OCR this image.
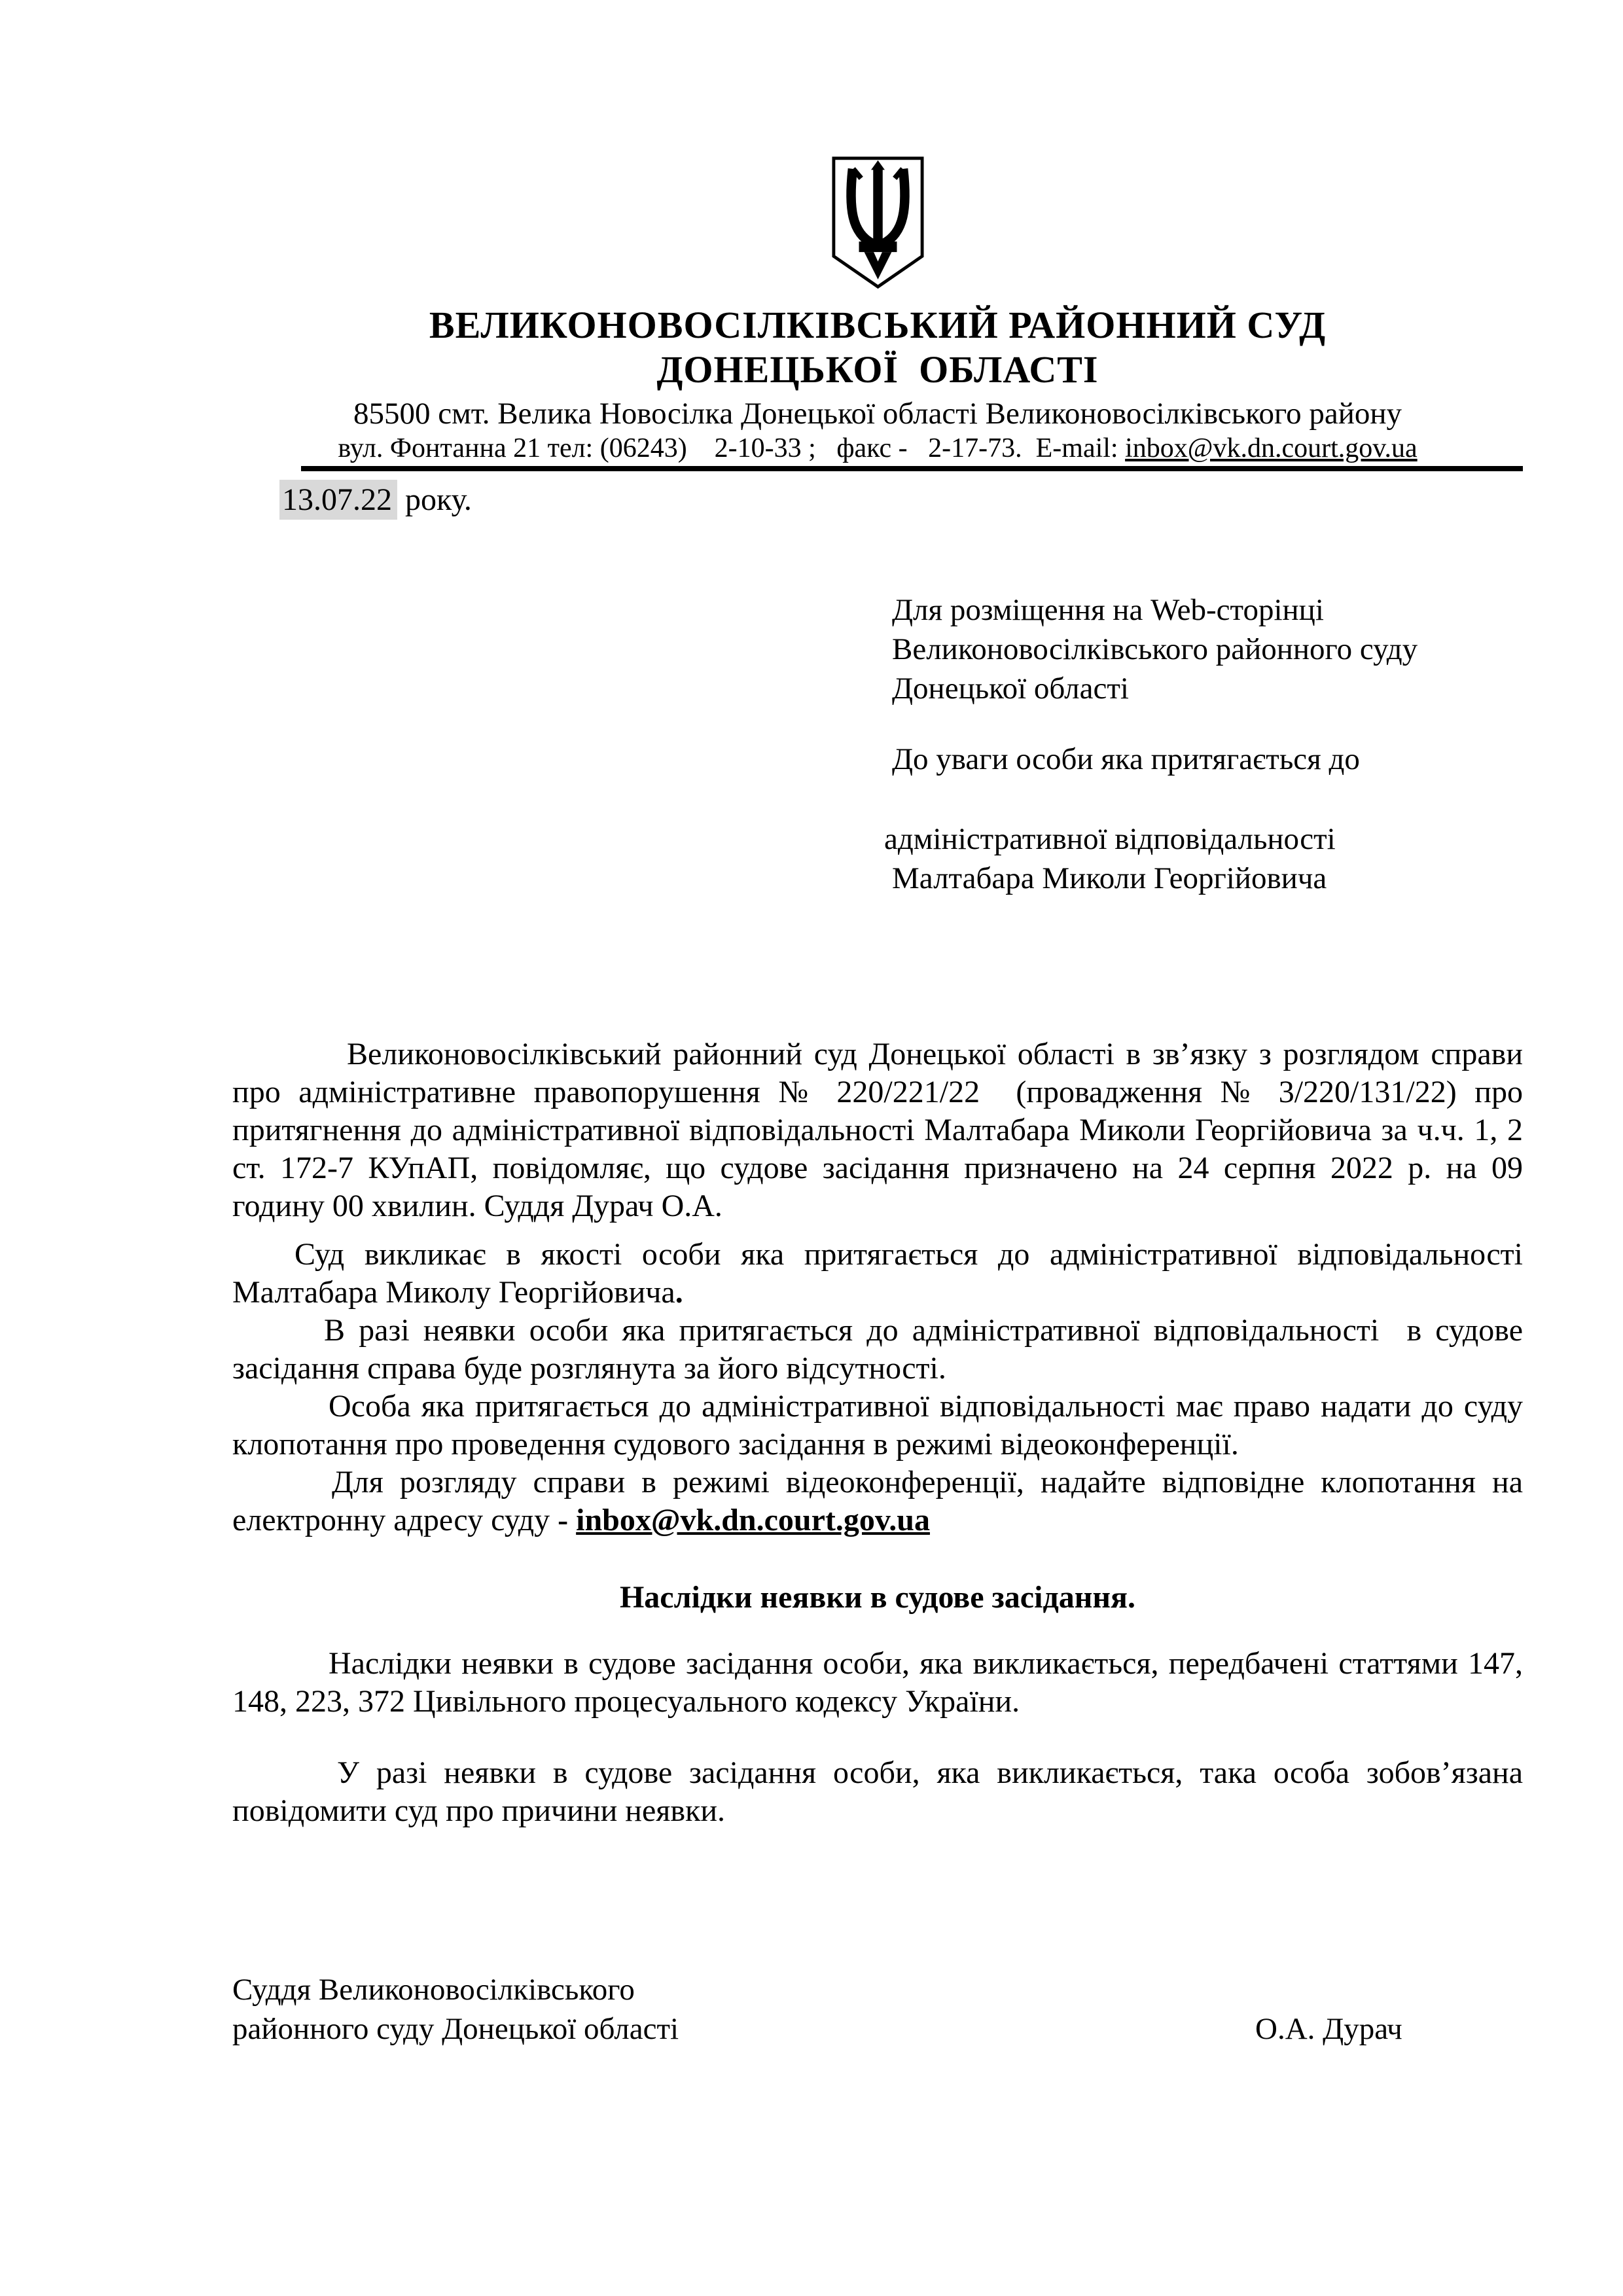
ВЕЛИКОНОВОСІЛКІВСЬКИЙ РАЙОННИЙ СУД
ДОНЕЦЬКОЇ  ОБЛАСТІ
85500 смт. Велика Новосілка Донецької області Великоновосілківського району
вул. Фонтанна 21 тел: (06243)    2-10-33 ;   факс -   2-17-73.  E-mail: inbox@vk.dn.court.gov.ua
13.07.22 року.
Для розміщення на Web-сторінці
Великоновосілківського районного суду
Донецької області
До уваги особи яка притягається до
адміністративної відповідальності
Малтабара Миколи Георгійовича

Великоновосілківський районний суд Донецької області в зв’язку з розглядом справи про адміністративне правопорушення № 220/221/22  (провадження № 3/220/131/22) про притягнення до адміністративної відповідальності Малтабара Миколи Георгійовича за ч.ч. 1, 2 ст. 172-7 КУпАП, повідомляє, що судове засідання призначено на 24 серпня 2022 р. на 09 годину 00 хвилин. Суддя Дурач О.А.

Суд викликає в якості особи яка притягається до адміністративної відповідальності Малтабара Миколу Георгійовича.

В разі неявки особи яка притягається до адміністративної відповідальності  в судове засідання справа буде розглянута за його відсутності.

Особа яка притягається до адміністративної відповідальності має право надати до суду клопотання про проведення судового засідання в режимі відеоконференції.

Для розгляду справи в режимі відеоконференції, надайте відповідне клопотання на електронну адресу суду - inbox@vk.dn.court.gov.ua

Наслідки неявки в судове засідання.

Наслідки неявки в судове засідання особи, яка викликається, передбачені статтями 147, 148, 223, 372 Цивільного процесуального кодексу України.

У разі неявки в судове засідання особи, яка викликається, така особа зобов’язана повідомити суд про причини неявки.

Суддя Великоновосілківського
районного суду Донецької області	О.А. Дурач
